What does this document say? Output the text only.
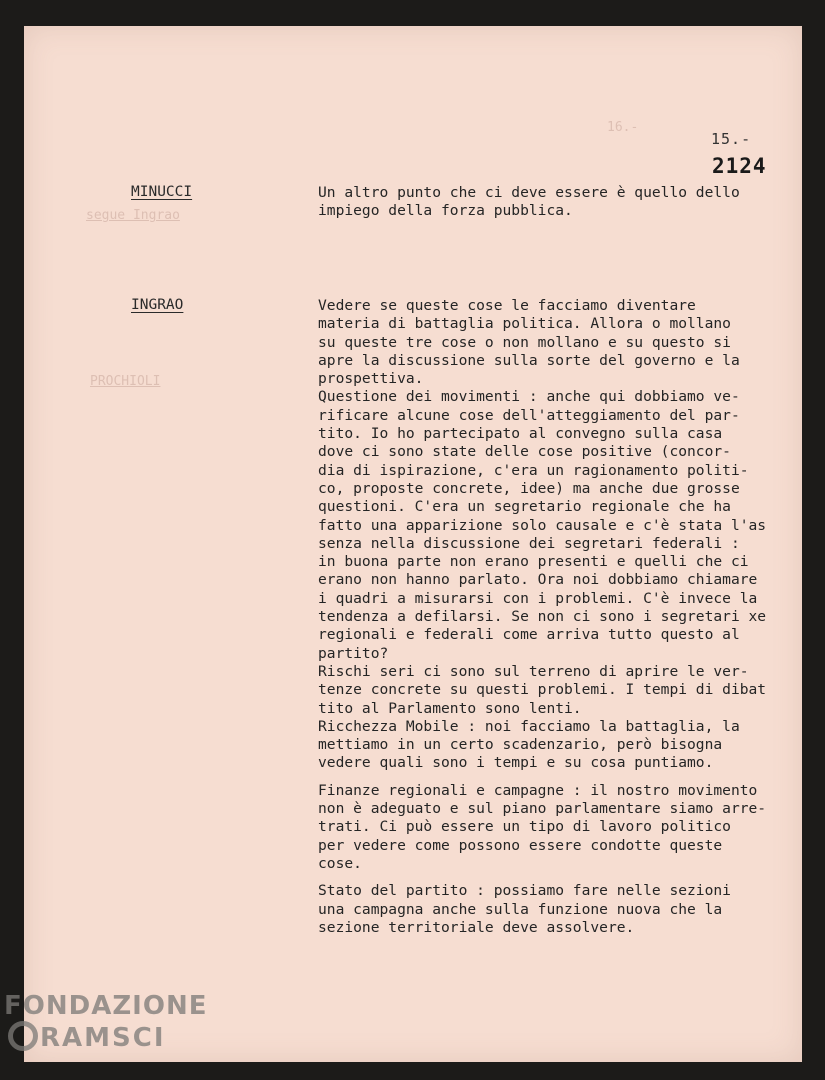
16.-
segue Ingrao
PROCHIOLI
15.-
2124
MINUCCI	Un altro punto che ci deve essere è quello dello
impiego della forza pubblica.
INGRAO	Vedere se queste cose le facciamo diventare
materia di battaglia politica. Allora o mollano
su queste tre cose o non mollano e su questo si
apre la discussione sulla sorte del governo e la
prospettiva.
Questione dei movimenti : anche qui dobbiamo ve-
rificare alcune cose dell'atteggiamento del par-
tito. Io ho partecipato al convegno sulla casa
dove ci sono state delle cose positive (concor-
dia di ispirazione, c'era un ragionamento politi-
co, proposte concrete, idee) ma anche due grosse
questioni. C'era un segretario regionale che ha
fatto una apparizione solo causale e c'è stata l'as
senza nella discussione dei segretari federali :
in buona parte non erano presenti e quelli che ci
erano non hanno parlato. Ora noi dobbiamo chiamare
i quadri a misurarsi con i problemi. C'è invece la
tendenza a defilarsi. Se non ci sono i segretari xe
regionali e federali come arriva tutto questo al
partito?
Rischi seri ci sono sul terreno di aprire le ver-
tenze concrete su questi problemi. I tempi di dibat
tito al Parlamento sono lenti.
Ricchezza Mobile : noi facciamo la battaglia, la
mettiamo in un certo scadenzario, però bisogna
vedere quali sono i tempi e su cosa puntiamo.
Finanze regionali e campagne : il nostro movimento
non è adeguato e sul piano parlamentare siamo arre-
trati. Ci può essere un tipo di lavoro politico
per vedere come possono essere condotte queste
cose.
Stato del partito : possiamo fare nelle sezioni
una campagna anche sulla funzione nuova che la
sezione territoriale deve assolvere.
FONDAZIONE
RAMSCI
